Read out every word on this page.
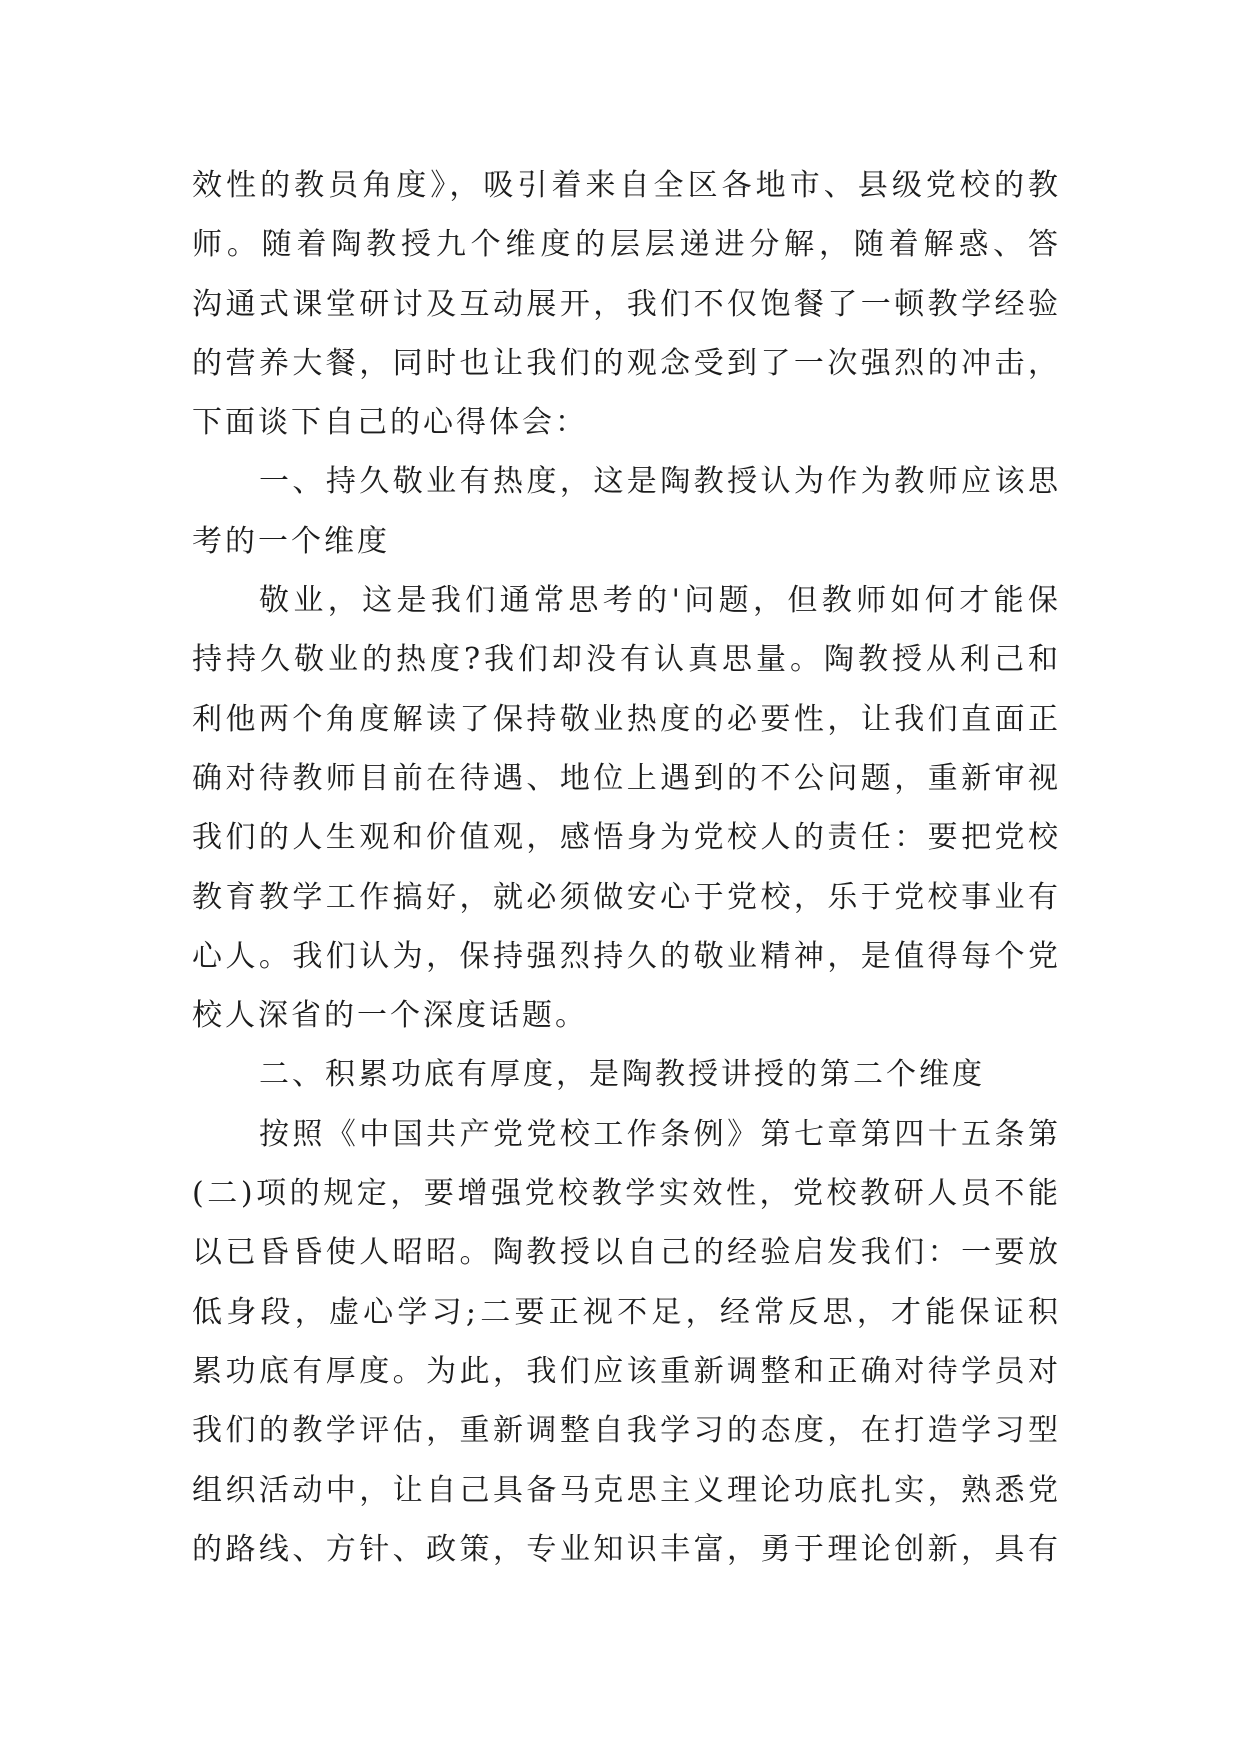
效性的教员角度》，吸引着来自全区各地市、县级党校的教
师。随着陶教授九个维度的层层递进分解，随着解惑、答
沟通式课堂研讨及互动展开，我们不仅饱餐了一顿教学经验
的营养大餐，同时也让我们的观念受到了一次强烈的冲击，
下面谈下自己的心得体会：
一、持久敬业有热度，这是陶教授认为作为教师应该思
考的一个维度
敬业，这是我们通常思考的'问题，但教师如何才能保
持持久敬业的热度?我们却没有认真思量。陶教授从利己和
利他两个角度解读了保持敬业热度的必要性，让我们直面正
确对待教师目前在待遇、地位上遇到的不公问题，重新审视
我们的人生观和价值观，感悟身为党校人的责任：要把党校
教育教学工作搞好，就必须做安心于党校，乐于党校事业有
心人。我们认为，保持强烈持久的敬业精神，是值得每个党
校人深省的一个深度话题。
二、积累功底有厚度，是陶教授讲授的第二个维度
按照《中国共产党党校工作条例》第七章第四十五条第
(二)项的规定，要增强党校教学实效性，党校教研人员不能
以已昏昏使人昭昭。陶教授以自己的经验启发我们：一要放
低身段，虚心学习;二要正视不足，经常反思，才能保证积
累功底有厚度。为此，我们应该重新调整和正确对待学员对
我们的教学评估，重新调整自我学习的态度，在打造学习型
组织活动中，让自己具备马克思主义理论功底扎实，熟悉党
的路线、方针、政策，专业知识丰富，勇于理论创新，具有
